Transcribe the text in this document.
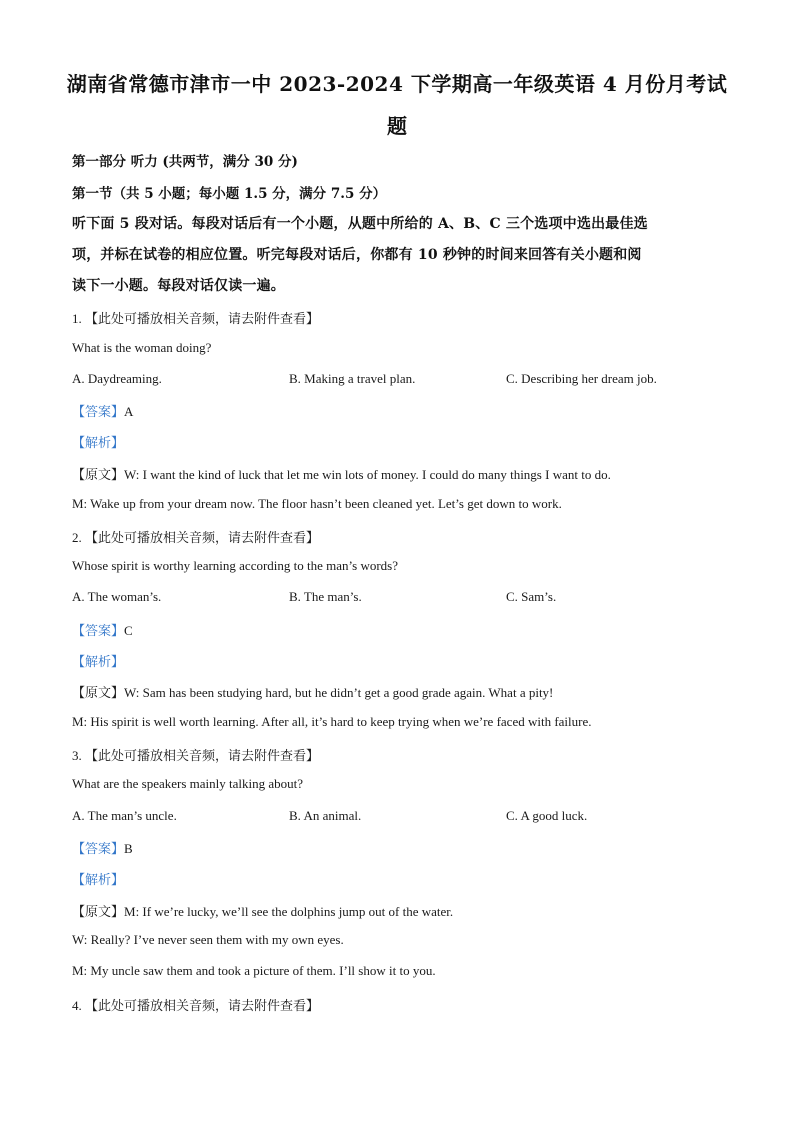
湖南省常德市津市一中 2023-2024 下学期高一年级英语 4 月份月考试
题
第一部分 听力 (共两节，满分 30 分)
第一节（共 5 小题；每小题 1.5 分，满分 7.5 分）
听下面 5 段对话。每段对话后有一个小题，从题中所给的 A、B、C 三个选项中选出最佳选
项，并标在试卷的相应位置。听完每段对话后，你都有 10 秒钟的时间来回答有关小题和阅
读下一小题。每段对话仅读一遍。
1. 【此处可播放相关音频，请去附件查看】
What is the woman doing?
A. Daydreaming.	B. Making a travel plan.	C. Describing her dream job.
【答案】A
【解析】
【原文】W: I want the kind of luck that let me win lots of money. I could do many things I want to do.
M: Wake up from your dream now. The floor hasn’t been cleaned yet. Let’s get down to work.
2. 【此处可播放相关音频，请去附件查看】
Whose spirit is worthy learning according to the man’s words?
A. The woman’s.	B. The man’s.	C. Sam’s.
【答案】C
【解析】
【原文】W: Sam has been studying hard, but he didn’t get a good grade again. What a pity!
M: His spirit is well worth learning. After all, it’s hard to keep trying when we’re faced with failure.
3. 【此处可播放相关音频，请去附件查看】
What are the speakers mainly talking about?
A. The man’s uncle.	B. An animal.	C. A good luck.
【答案】B
【解析】
【原文】M: If we’re lucky, we’ll see the dolphins jump out of the water.
W: Really? I’ve never seen them with my own eyes.
M: My uncle saw them and took a picture of them. I’ll show it to you.
4. 【此处可播放相关音频，请去附件查看】
